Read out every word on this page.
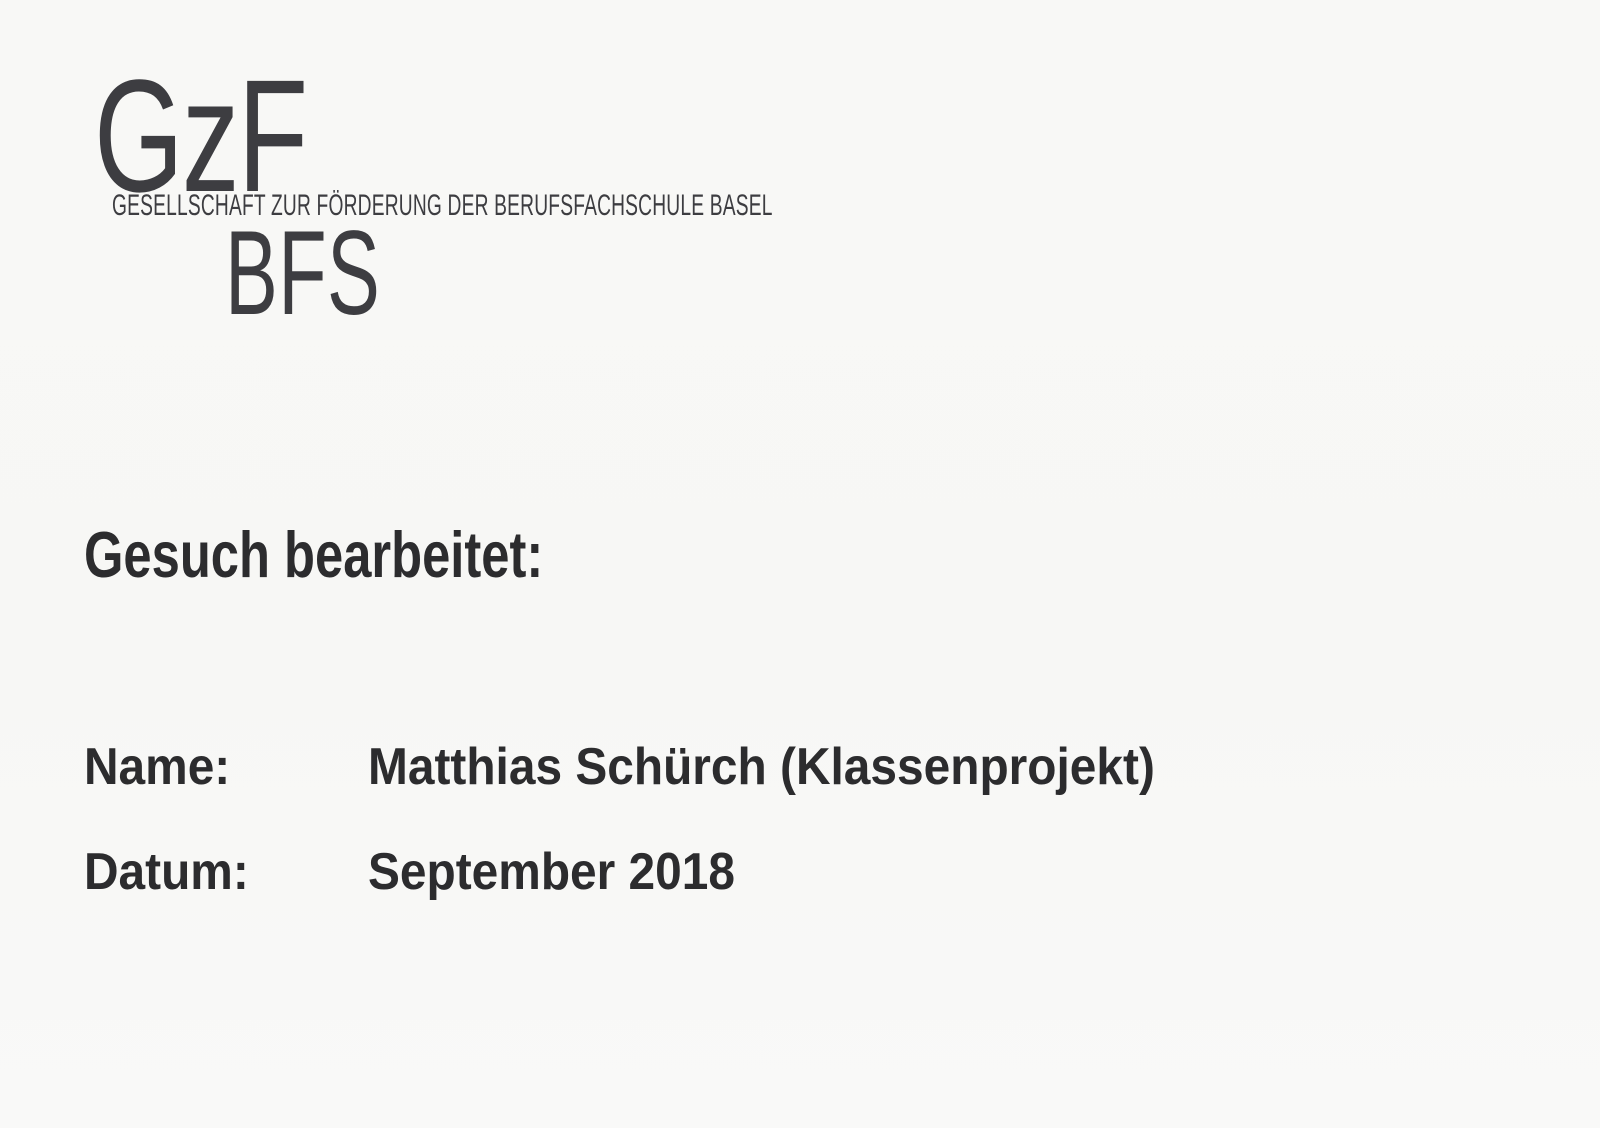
GzF
GESELLSCHAFT ZUR FÖRDERUNG DER BERUFSFACHSCHULE BASEL
BFS
Gesuch bearbeitet:
Name:	Matthias Schürch (Klassenprojekt)
Datum: September 2018
